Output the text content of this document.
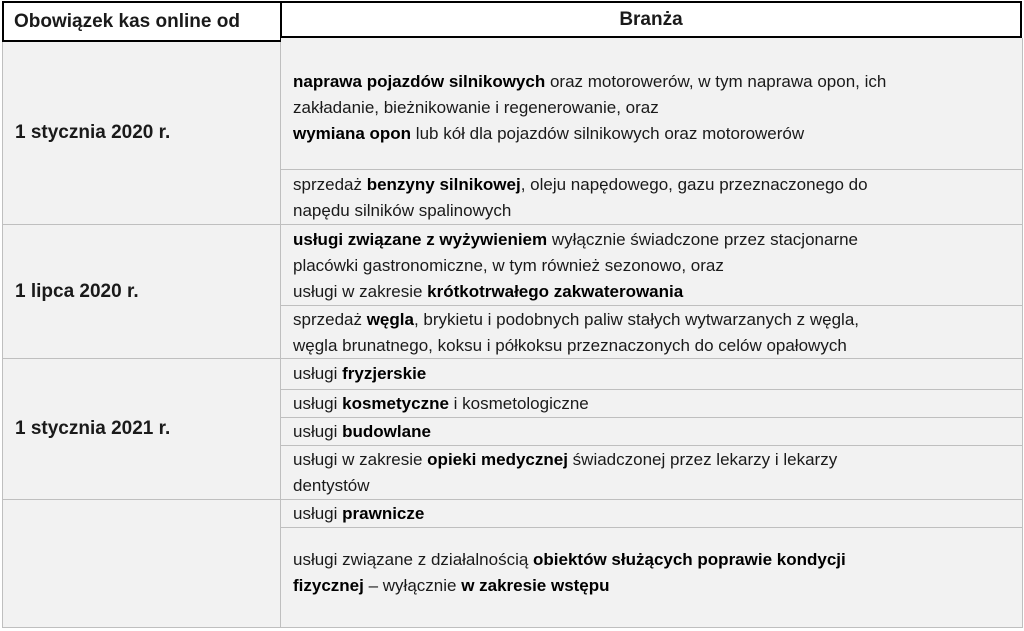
Obowiązek kas online od	Branża
1 stycznia 2020 r.
1 lipca 2020 r.
1 stycznia 2021 r.
naprawa pojazdów silnikowych oraz motorowerów, w tym naprawa opon, ich
zakładanie, bieżnikowanie i regenerowanie, oraz
wymiana opon lub kół dla pojazdów silnikowych oraz motorowerów
sprzedaż benzyny silnikowej, oleju napędowego, gazu przeznaczonego do
napędu silników spalinowych
usługi związane z wyżywieniem wyłącznie świadczone przez stacjonarne
placówki gastronomiczne, w tym również sezonowo, oraz
usługi w zakresie krótkotrwałego zakwaterowania
sprzedaż węgla, brykietu i podobnych paliw stałych wytwarzanych z węgla,
węgla brunatnego, koksu i półkoksu przeznaczonych do celów opałowych
usługi fryzjerskie
usługi kosmetyczne i kosmetologiczne
usługi budowlane
usługi w zakresie opieki medycznej świadczonej przez lekarzy i lekarzy
dentystów
usługi prawnicze
usługi związane z działalnością obiektów służących poprawie kondycji
fizycznej – wyłącznie w zakresie wstępu
